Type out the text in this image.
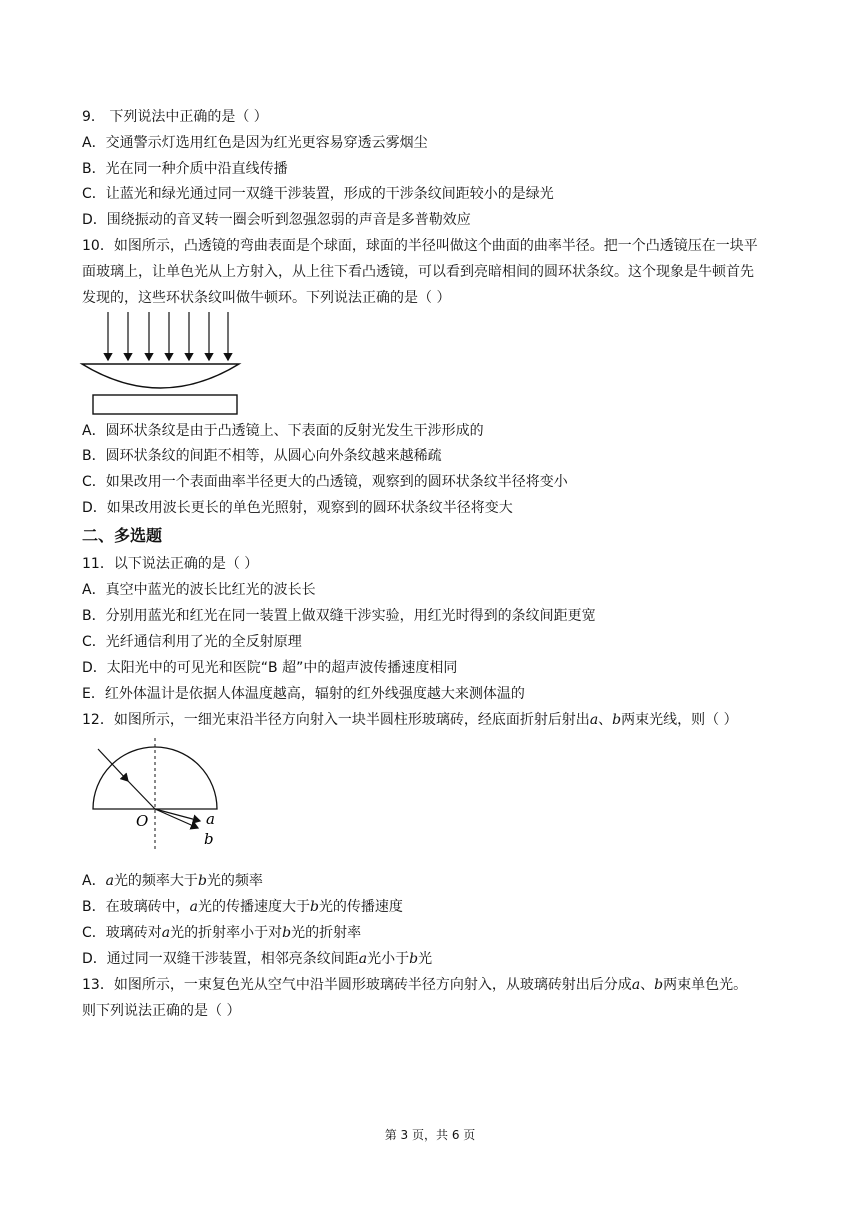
9． 下列说法中正确的是（ ）
A．交通警示灯选用红色是因为红光更容易穿透云雾烟尘
B．光在同一种介质中沿直线传播
C．让蓝光和绿光通过同一双缝干涉装置，形成的干涉条纹间距较小的是绿光
D．围绕振动的音叉转一圈会听到忽强忽弱的声音是多普勒效应
10．如图所示，凸透镜的弯曲表面是个球面，球面的半径叫做这个曲面的曲率半径。把一个凸透镜压在一块平
面玻璃上，让单色光从上方射入，从上往下看凸透镜，可以看到亮暗相间的圆环状条纹。这个现象是牛顿首先
发现的，这些环状条纹叫做牛顿环。下列说法正确的是（ ）
A．圆环状条纹是由于凸透镜上、下表面的反射光发生干涉形成的
B．圆环状条纹的间距不相等，从圆心向外条纹越来越稀疏
C．如果改用一个表面曲率半径更大的凸透镜，观察到的圆环状条纹半径将变小
D．如果改用波长更长的单色光照射，观察到的圆环状条纹半径将变大
二、多选题
11．以下说法正确的是（ ）
A．真空中蓝光的波长比红光的波长长
B．分别用蓝光和红光在同一装置上做双缝干涉实验，用红光时得到的条纹间距更宽
C．光纤通信利用了光的全反射原理
D．太阳光中的可见光和医院“B 超”中的超声波传播速度相同
E．红外体温计是依据人体温度越高，辐射的红外线强度越大来测体温的
12．如图所示，一细光束沿半径方向射入一块半圆柱形玻璃砖，经底面折射后射出a、b两束光线，则（ ）
O	a
b
A．a光的频率大于b光的频率
B．在玻璃砖中，a光的传播速度大于b光的传播速度
C．玻璃砖对a光的折射率小于对b光的折射率
D．通过同一双缝干涉装置，相邻亮条纹间距a光小于b光
13．如图所示，一束复色光从空气中沿半圆形玻璃砖半径方向射入，从玻璃砖射出后分成a、b两束单色光。
则下列说法正确的是（ ）
第 3 页，共 6 页
